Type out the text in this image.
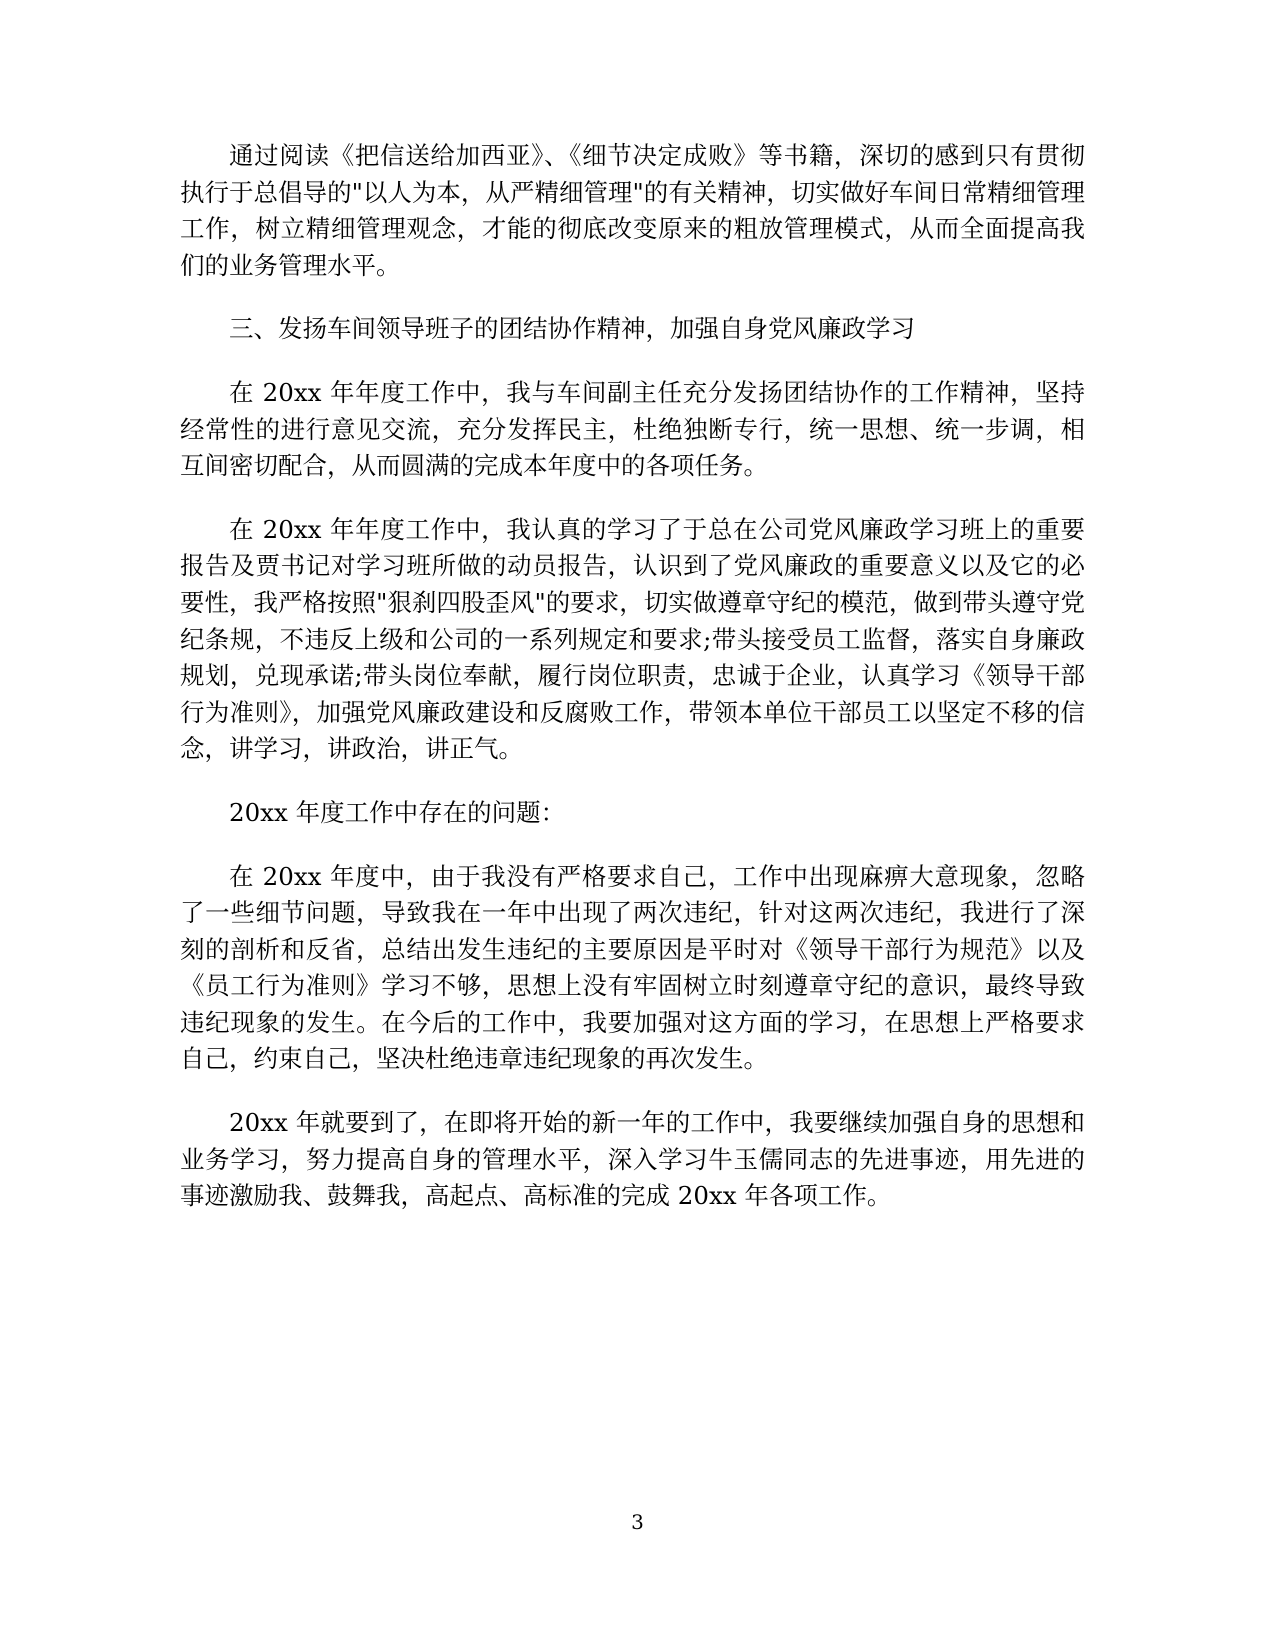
通过阅读《把信送给加西亚》、《细节决定成败》等书籍，深切的感到只有贯彻执行于总倡导的"以人为本，从严精细管理"的有关精神，切实做好车间日常精细管理工作，树立精细管理观念，才能的彻底改变原来的粗放管理模式，从而全面提高我们的业务管理水平。

三、发扬车间领导班子的团结协作精神，加强自身党风廉政学习

在 20xx 年年度工作中，我与车间副主任充分发扬团结协作的工作精神，坚持经常性的进行意见交流，充分发挥民主，杜绝独断专行，统一思想、统一步调，相互间密切配合，从而圆满的完成本年度中的各项任务。

在 20xx 年年度工作中，我认真的学习了于总在公司党风廉政学习班上的重要报告及贾书记对学习班所做的动员报告，认识到了党风廉政的重要意义以及它的必要性，我严格按照"狠刹四股歪风"的要求，切实做遵章守纪的模范，做到带头遵守党纪条规，不违反上级和公司的一系列规定和要求;带头接受员工监督，落实自身廉政规划，兑现承诺;带头岗位奉献，履行岗位职责，忠诚于企业，认真学习《领导干部行为准则》，加强党风廉政建设和反腐败工作，带领本单位干部员工以坚定不移的信念，讲学习，讲政治，讲正气。

20xx 年度工作中存在的问题：

在 20xx 年度中，由于我没有严格要求自己，工作中出现麻痹大意现象，忽略了一些细节问题，导致我在一年中出现了两次违纪，针对这两次违纪，我进行了深刻的剖析和反省，总结出发生违纪的主要原因是平时对《领导干部行为规范》以及《员工行为准则》学习不够，思想上没有牢固树立时刻遵章守纪的意识，最终导致违纪现象的发生。在今后的工作中，我要加强对这方面的学习，在思想上严格要求自己，约束自己，坚决杜绝违章违纪现象的再次发生。

20xx 年就要到了，在即将开始的新一年的工作中，我要继续加强自身的思想和业务学习，努力提高自身的管理水平，深入学习牛玉儒同志的先进事迹，用先进的事迹激励我、鼓舞我，高起点、高标准的完成 20xx 年各项工作。

3
